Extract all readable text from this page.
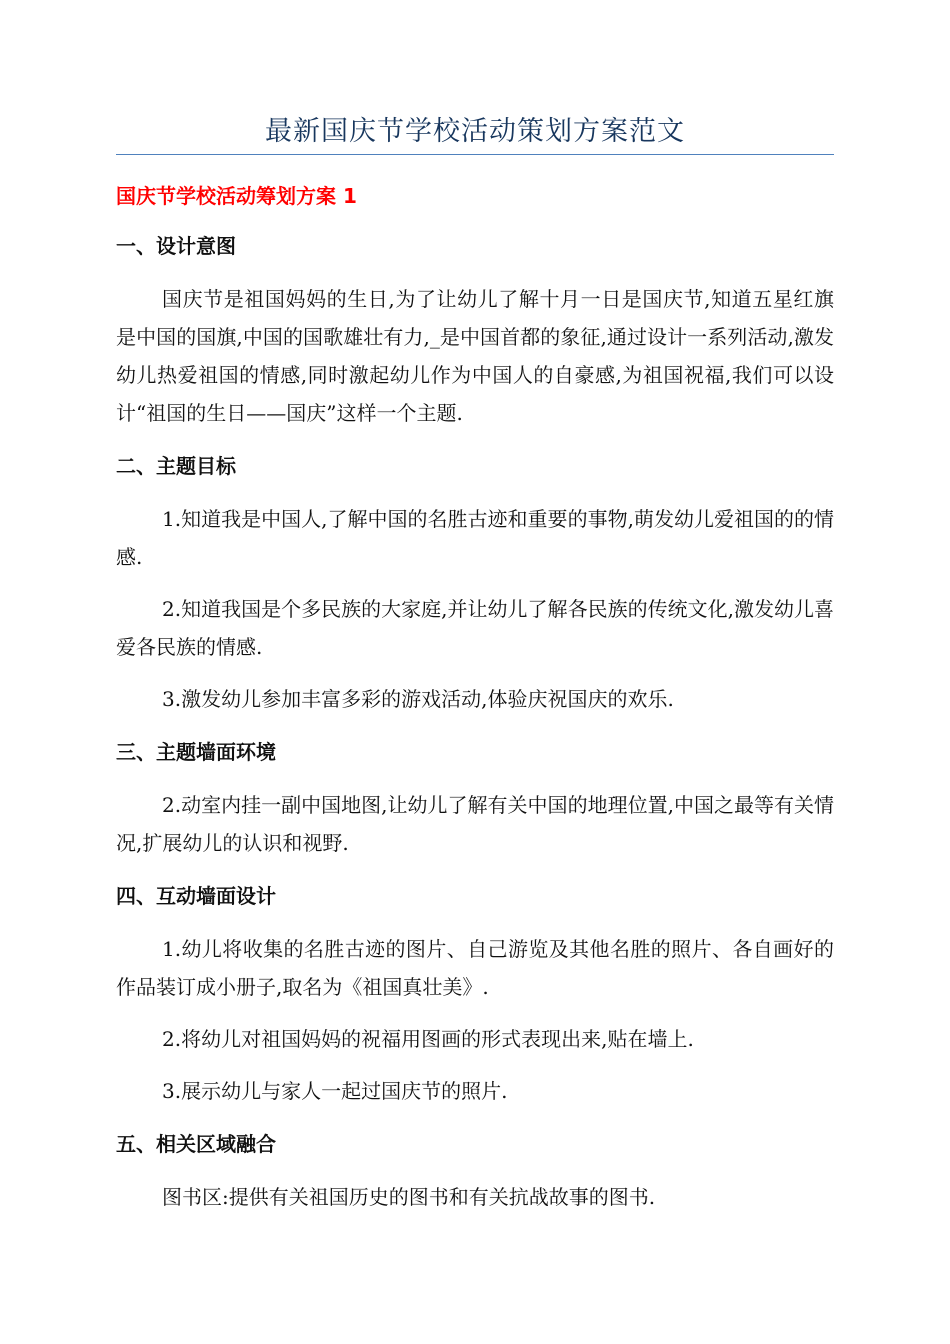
最新国庆节学校活动策划方案范文
国庆节学校活动筹划方案 1
一、设计意图

国庆节是祖国妈妈的生日,为了让幼儿了解十月一日是国庆节,知道五星红旗是中国的国旗,中国的国歌雄壮有力,_是中国首都的象征,通过设计一系列活动,激发幼儿热爱祖国的情感,同时激起幼儿作为中国人的自豪感,为祖国祝福,我们可以设计“祖国的生日——国庆”这样一个主题.

二、主题目标

1.知道我是中国人,了解中国的名胜古迹和重要的事物,萌发幼儿爱祖国的的情感.

2.知道我国是个多民族的大家庭,并让幼儿了解各民族的传统文化,激发幼儿喜爱各民族的情感.

3.激发幼儿参加丰富多彩的游戏活动,体验庆祝国庆的欢乐.

三、主题墙面环境

2.动室内挂一副中国地图,让幼儿了解有关中国的地理位置,中国之最等有关情况,扩展幼儿的认识和视野.

四、互动墙面设计

1.幼儿将收集的名胜古迹的图片、自己游览及其他名胜的照片、各自画好的作品装订成小册子,取名为《祖国真壮美》.

2.将幼儿对祖国妈妈的祝福用图画的形式表现出来,贴在墙上.

3.展示幼儿与家人一起过国庆节的照片.

五、相关区域融合

图书区:提供有关祖国历史的图书和有关抗战故事的图书.
